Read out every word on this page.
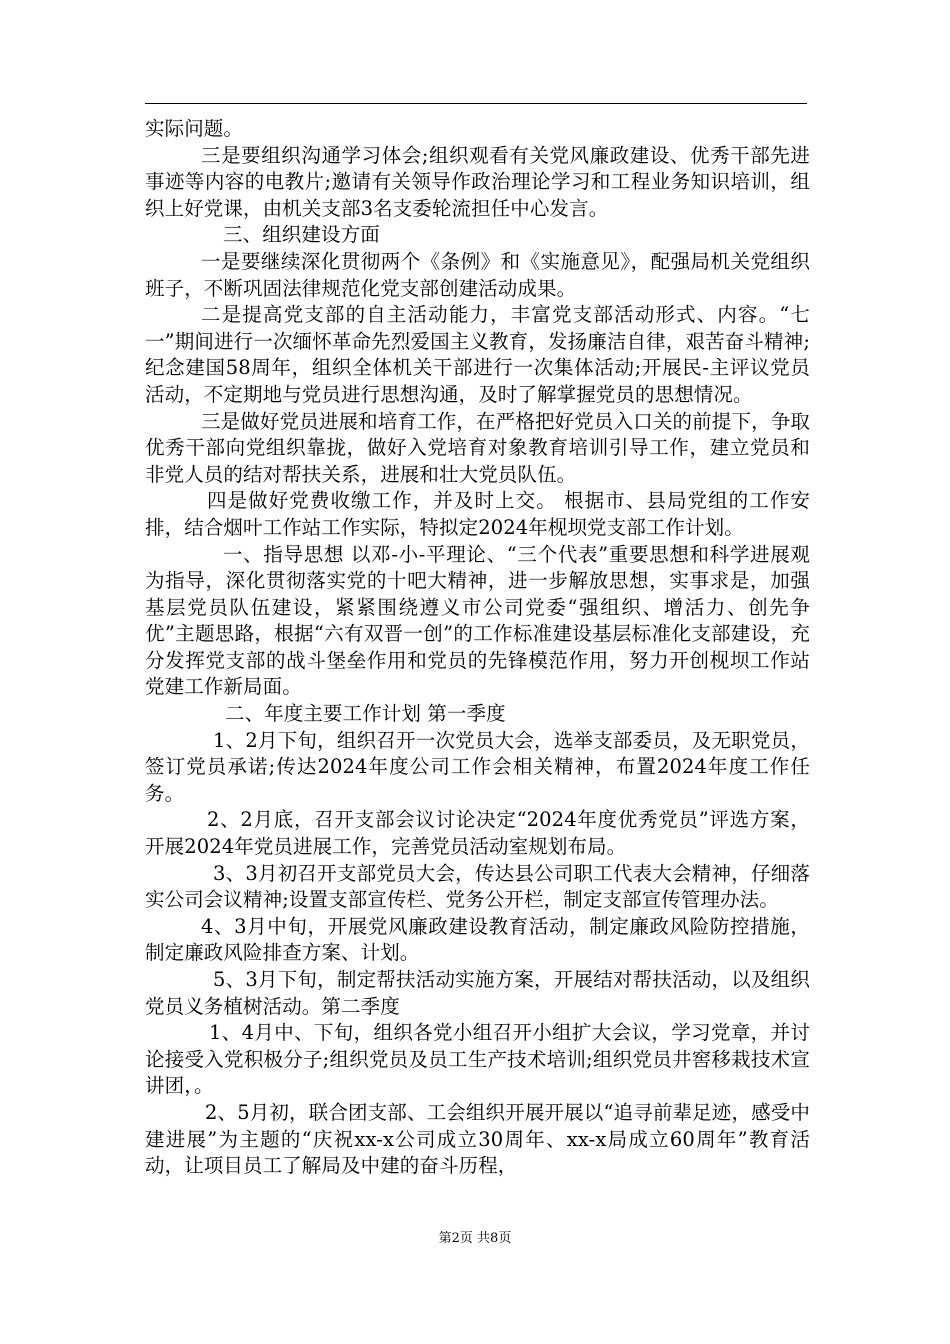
实际问题。

三是要组织沟通学习体会;组织观看有关党风廉政建设、优秀干部先进事迹等内容的电教片;邀请有关领导作政治理论学习和工程业务知识培训，组织上好党课，由机关支部3名支委轮流担任中心发言。

三、组织建设方面

一是要继续深化贯彻两个《条例》和《实施意见》，配强局机关党组织班子，不断巩固法律规范化党支部创建活动成果。

二是提高党支部的自主活动能力，丰富党支部活动形式、内容。“七一”期间进行一次缅怀革命先烈爱国主义教育，发扬廉洁自律，艰苦奋斗精神;纪念建国58周年，组织全体机关干部进行一次集体活动;开展民-主评议党员活动，不定期地与党员进行思想沟通，及时了解掌握党员的思想情况。

三是做好党员进展和培育工作，在严格把好党员入口关的前提下，争取优秀干部向党组织靠拢，做好入党培育对象教育培训引导工作，建立党员和非党人员的结对帮扶关系，进展和壮大党员队伍。

四是做好党费收缴工作，并及时上交。 根据市、县局党组的工作安排，结合烟叶工作站工作实际，特拟定2024年枧坝党支部工作计划。

一、指导思想 以邓-小-平理论、“三个代表”重要思想和科学进展观为指导，深化贯彻落实党的十吧大精神，进一步解放思想，实事求是，加强基层党员队伍建设，紧紧围绕遵义市公司党委“强组织、增活力、创先争优”主题思路，根据“六有双晋一创”的工作标准建设基层标准化支部建设，充分发挥党支部的战斗堡垒作用和党员的先锋模范作用，努力开创枧坝工作站党建工作新局面。

二、年度主要工作计划 第一季度

1、2月下旬，组织召开一次党员大会，选举支部委员，及无职党员，签订党员承诺;传达2024年度公司工作会相关精神，布置2024年度工作任务。

2、2月底，召开支部会议讨论决定“2024年度优秀党员”评选方案，开展2024年党员进展工作，完善党员活动室规划布局。

3、3月初召开支部党员大会，传达县公司职工代表大会精神，仔细落实公司会议精神;设置支部宣传栏、党务公开栏，制定支部宣传管理办法。

4、3月中旬，开展党风廉政建设教育活动，制定廉政风险防控措施，制定廉政风险排查方案、计划。

5、3月下旬，制定帮扶活动实施方案，开展结对帮扶活动，以及组织党员义务植树活动。第二季度

1、4月中、下旬，组织各党小组召开小组扩大会议，学习党章，并讨论接受入党积极分子;组织党员及员工生产技术培训;组织党员井窖移栽技术宣讲团，。

2、5月初，联合团支部、工会组织开展开展以“追寻前辈足迹，感受中建进展”为主题的“庆祝xx-x公司成立30周年、xx-x局成立60周年”教育活动，让项目员工了解局及中建的奋斗历程，

第2页 共8页
